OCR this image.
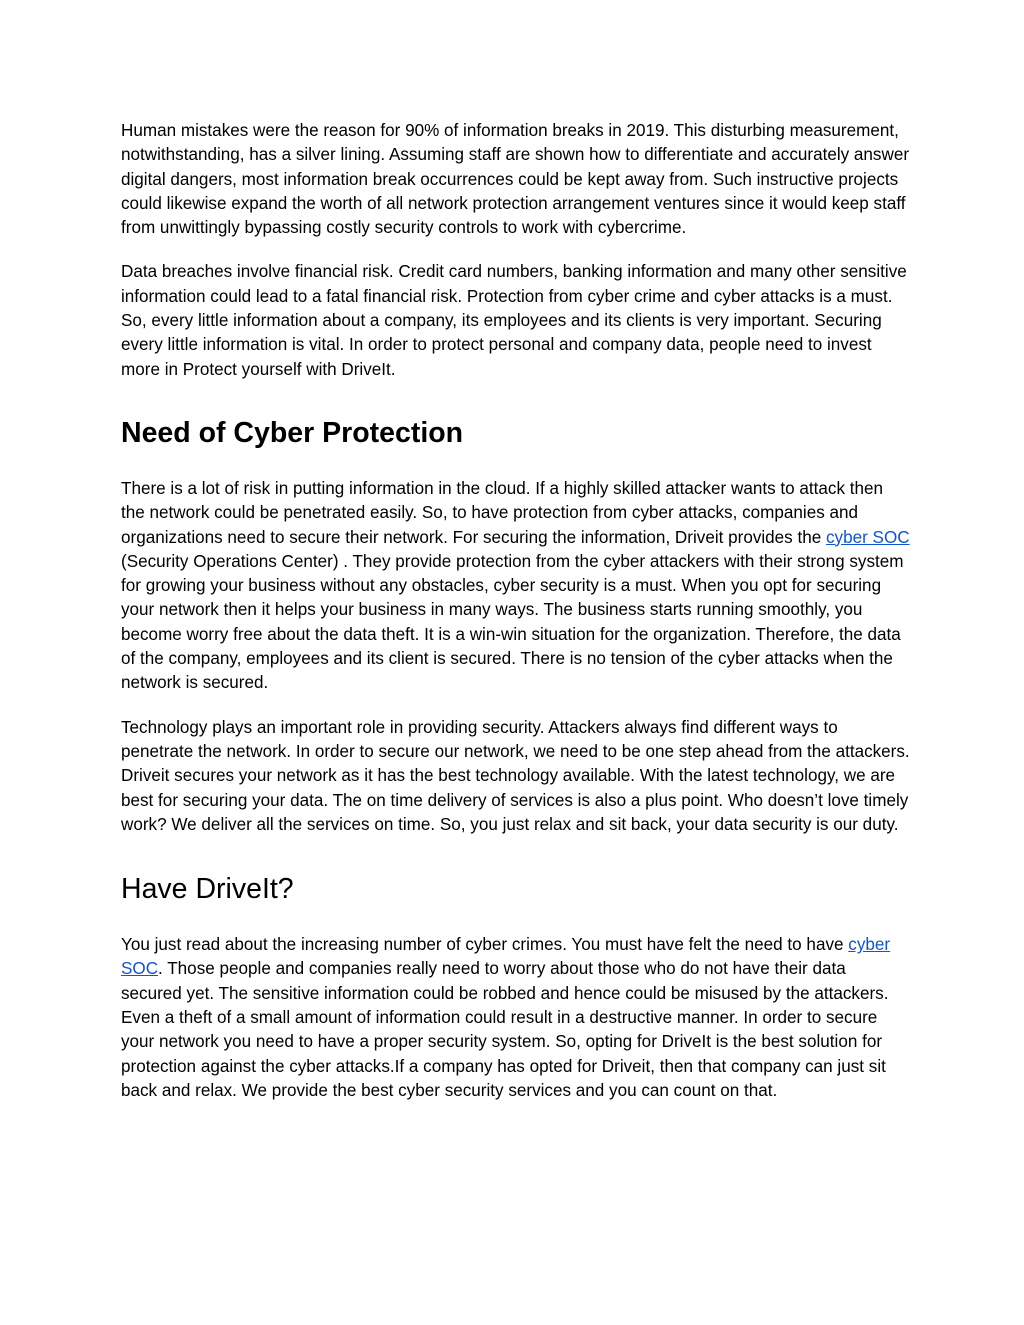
Human mistakes were the reason for 90% of information breaks in 2019. This disturbing measurement, notwithstanding, has a silver lining. Assuming staff are shown how to differentiate and accurately answer digital dangers, most information break occurrences could be kept away from. Such instructive projects could likewise expand the worth of all network protection arrangement ventures since it would keep staff from unwittingly bypassing costly security controls to work with cybercrime.

Data breaches involve financial risk. Credit card numbers, banking information and many other sensitive information could lead to a fatal financial risk. Protection from cyber crime and cyber attacks is a must. So, every little information about a company, its employees and its clients is very important. Securing every little information is vital. In order to protect personal and company data, people need to invest more in Protect yourself with DriveIt.

Need of Cyber Protection

There is a lot of risk in putting information in the cloud. If a highly skilled attacker wants to attack then the network could be penetrated easily. So, to have protection from cyber attacks, companies and organizations need to secure their network. For securing the information, Driveit provides the cyber SOC (Security Operations Center) . They provide protection from the cyber attackers with their strong system for growing your business without any obstacles, cyber security is a must. When you opt for securing your network then it helps your business in many ways. The business starts running smoothly, you become worry free about the data theft. It is a win-win situation for the organization. Therefore, the data of the company, employees and its client is secured. There is no tension of the cyber attacks when the network is secured.

Technology plays an important role in providing security. Attackers always find different ways to penetrate the network. In order to secure our network, we need to be one step ahead from the attackers. Driveit secures your network as it has the best technology available. With the latest technology, we are best for securing your data. The on time delivery of services is also a plus point. Who doesn’t love timely work? We deliver all the services on time. So, you just relax and sit back, your data security is our duty.

Have DriveIt?

You just read about the increasing number of cyber crimes. You must have felt the need to have cyber SOC. Those people and companies really need to worry about those who do not have their data secured yet. The sensitive information could be robbed and hence could be misused by the attackers. Even a theft of a small amount of information could result in a destructive manner. In order to secure your network you need to have a proper security system. So, opting for DriveIt is the best solution for protection against the cyber attacks.If a company has opted for Driveit, then that company can just sit back and relax. We provide the best cyber security services and you can count on that.
